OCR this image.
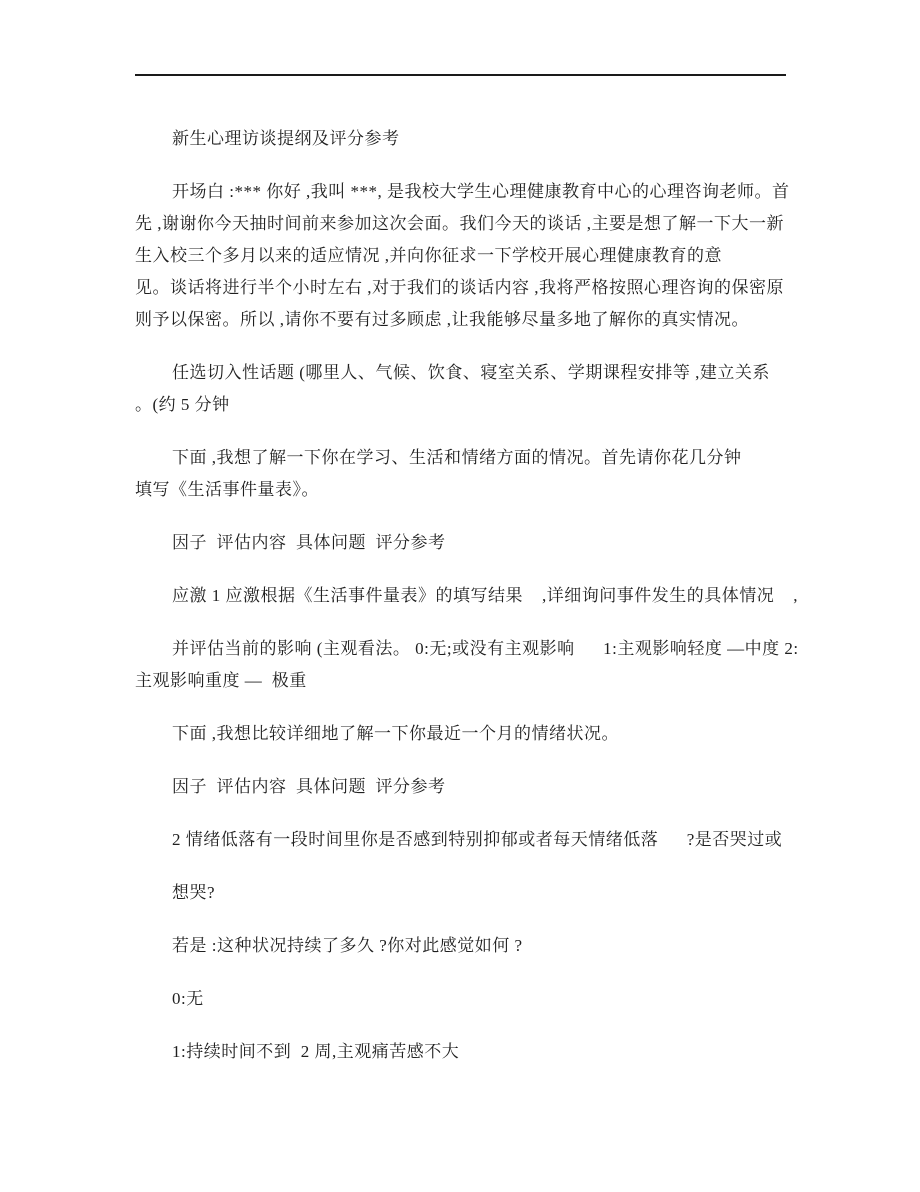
新生心理访谈提纲及评分参考
开场白 :*** 你好 ,我叫 ***, 是我校大学生心理健康教育中心的心理咨询老师。首
先 ,谢谢你今天抽时间前来参加这次会面。我们今天的谈话 ,主要是想了解一下大一新
生入校三个多月以来的适应情况 ,并向你征求一下学校开展心理健康教育的意
见。谈话将进行半个小时左右 ,对于我们的谈话内容 ,我将严格按照心理咨询的保密原
则予以保密。所以 ,请你不要有过多顾虑 ,让我能够尽量多地了解你的真实情况。
任选切入性话题 (哪里人、气候、饮食、寝室关系、学期课程安排等 ,建立关系
。(约 5 分钟
下面 ,我想了解一下你在学习、生活和情绪方面的情况。首先请你花几分钟
填写《生活事件量表》。
因子  评估内容  具体问题  评分参考
应激 1 应激根据《生活事件量表》的填写结果    ,详细询问事件发生的具体情况    ,
并评估当前的影响 (主观看法。 0:无;或没有主观影响      1:主观影响轻度 —中度 2:
主观影响重度 —  极重
下面 ,我想比较详细地了解一下你最近一个月的情绪状况。
因子  评估内容  具体问题  评分参考
2 情绪低落有一段时间里你是否感到特别抑郁或者每天情绪低落      ?是否哭过或
想哭?
若是 :这种状况持续了多久 ?你对此感觉如何 ?
0:无
1:持续时间不到  2 周,主观痛苦感不大
